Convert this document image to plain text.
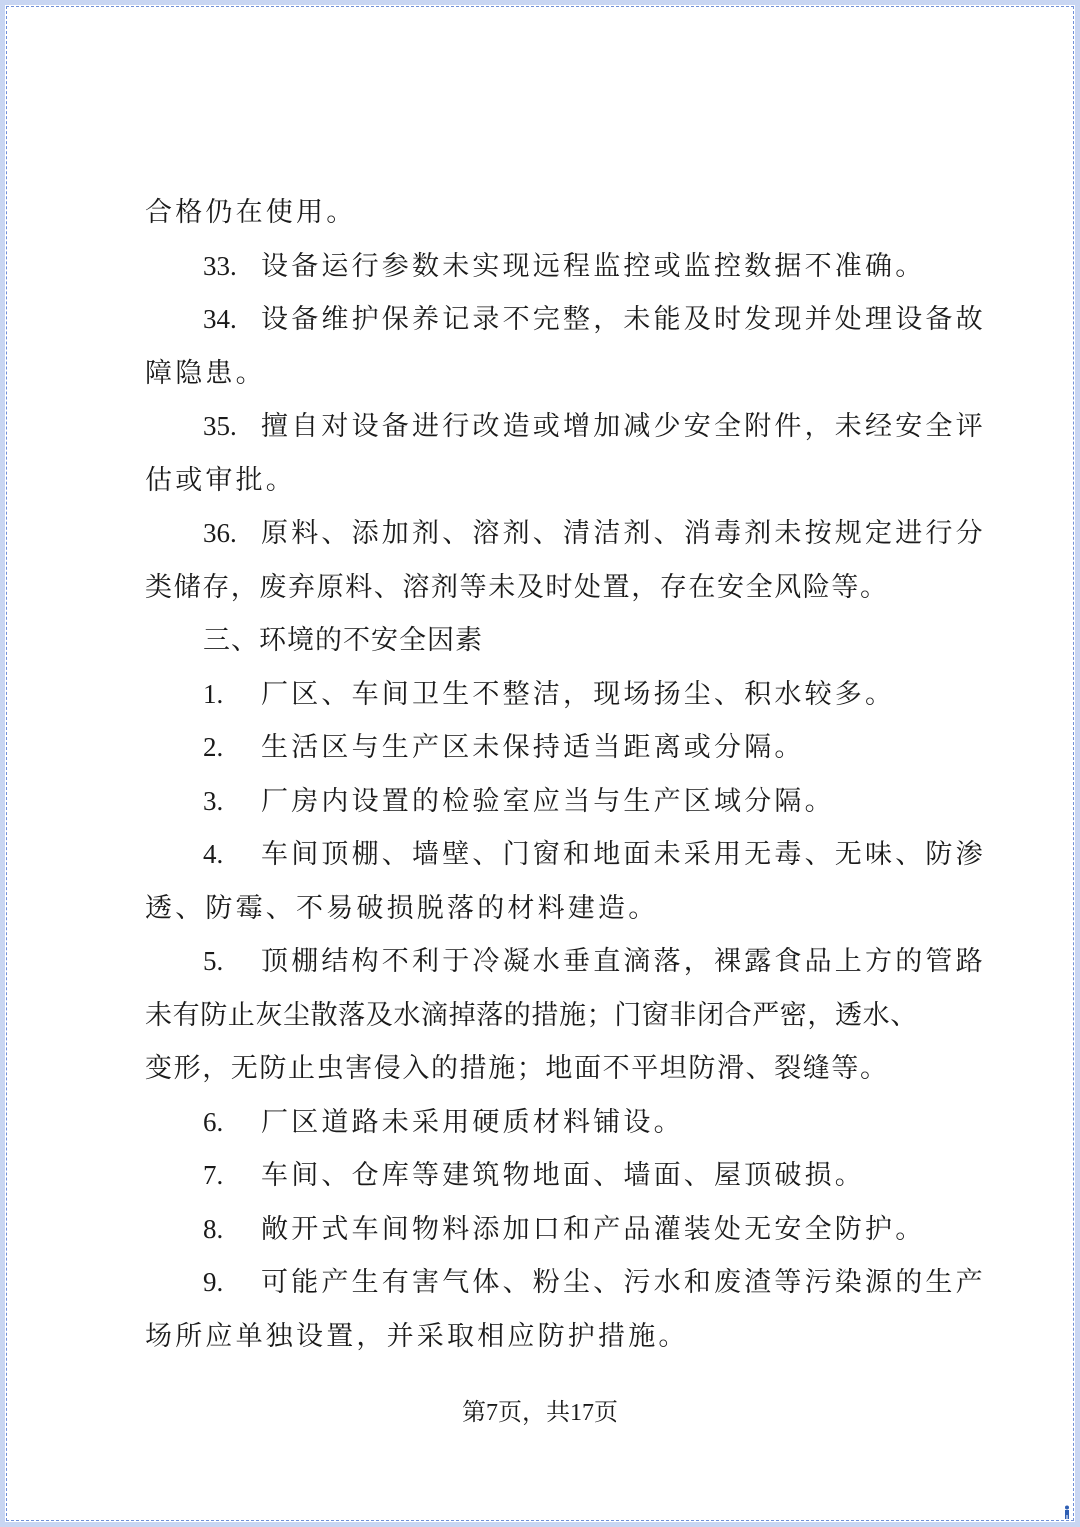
合格仍在使用。
33. 设备运行参数未实现远程监控或监控数据不准确。
34. 设备维护保养记录不完整，未能及时发现并处理设备故
障隐患。
35. 擅自对设备进行改造或增加减少安全附件，未经安全评
估或审批。
36. 原料、添加剂、溶剂、清洁剂、消毒剂未按规定进行分
类储存，废弃原料、溶剂等未及时处置，存在安全风险等。
三、环境的不安全因素
1. 厂区、车间卫生不整洁，现场扬尘、积水较多。
2. 生活区与生产区未保持适当距离或分隔。
3. 厂房内设置的检验室应当与生产区域分隔。
4. 车间顶棚、墙壁、门窗和地面未采用无毒、无味、防渗
透、防霉、不易破损脱落的材料建造。
5. 顶棚结构不利于冷凝水垂直滴落，裸露食品上方的管路
未有防止灰尘散落及水滴掉落的措施；门窗非闭合严密，透水、
变形，无防止虫害侵入的措施；地面不平坦防滑、裂缝等。
6. 厂区道路未采用硬质材料铺设。
7. 车间、仓库等建筑物地面、墙面、屋顶破损。
8. 敞开式车间物料添加口和产品灌装处无安全防护。
9. 可能产生有害气体、粉尘、污水和废渣等污染源的生产
场所应单独设置，并采取相应防护措施。
第7页，共17页
